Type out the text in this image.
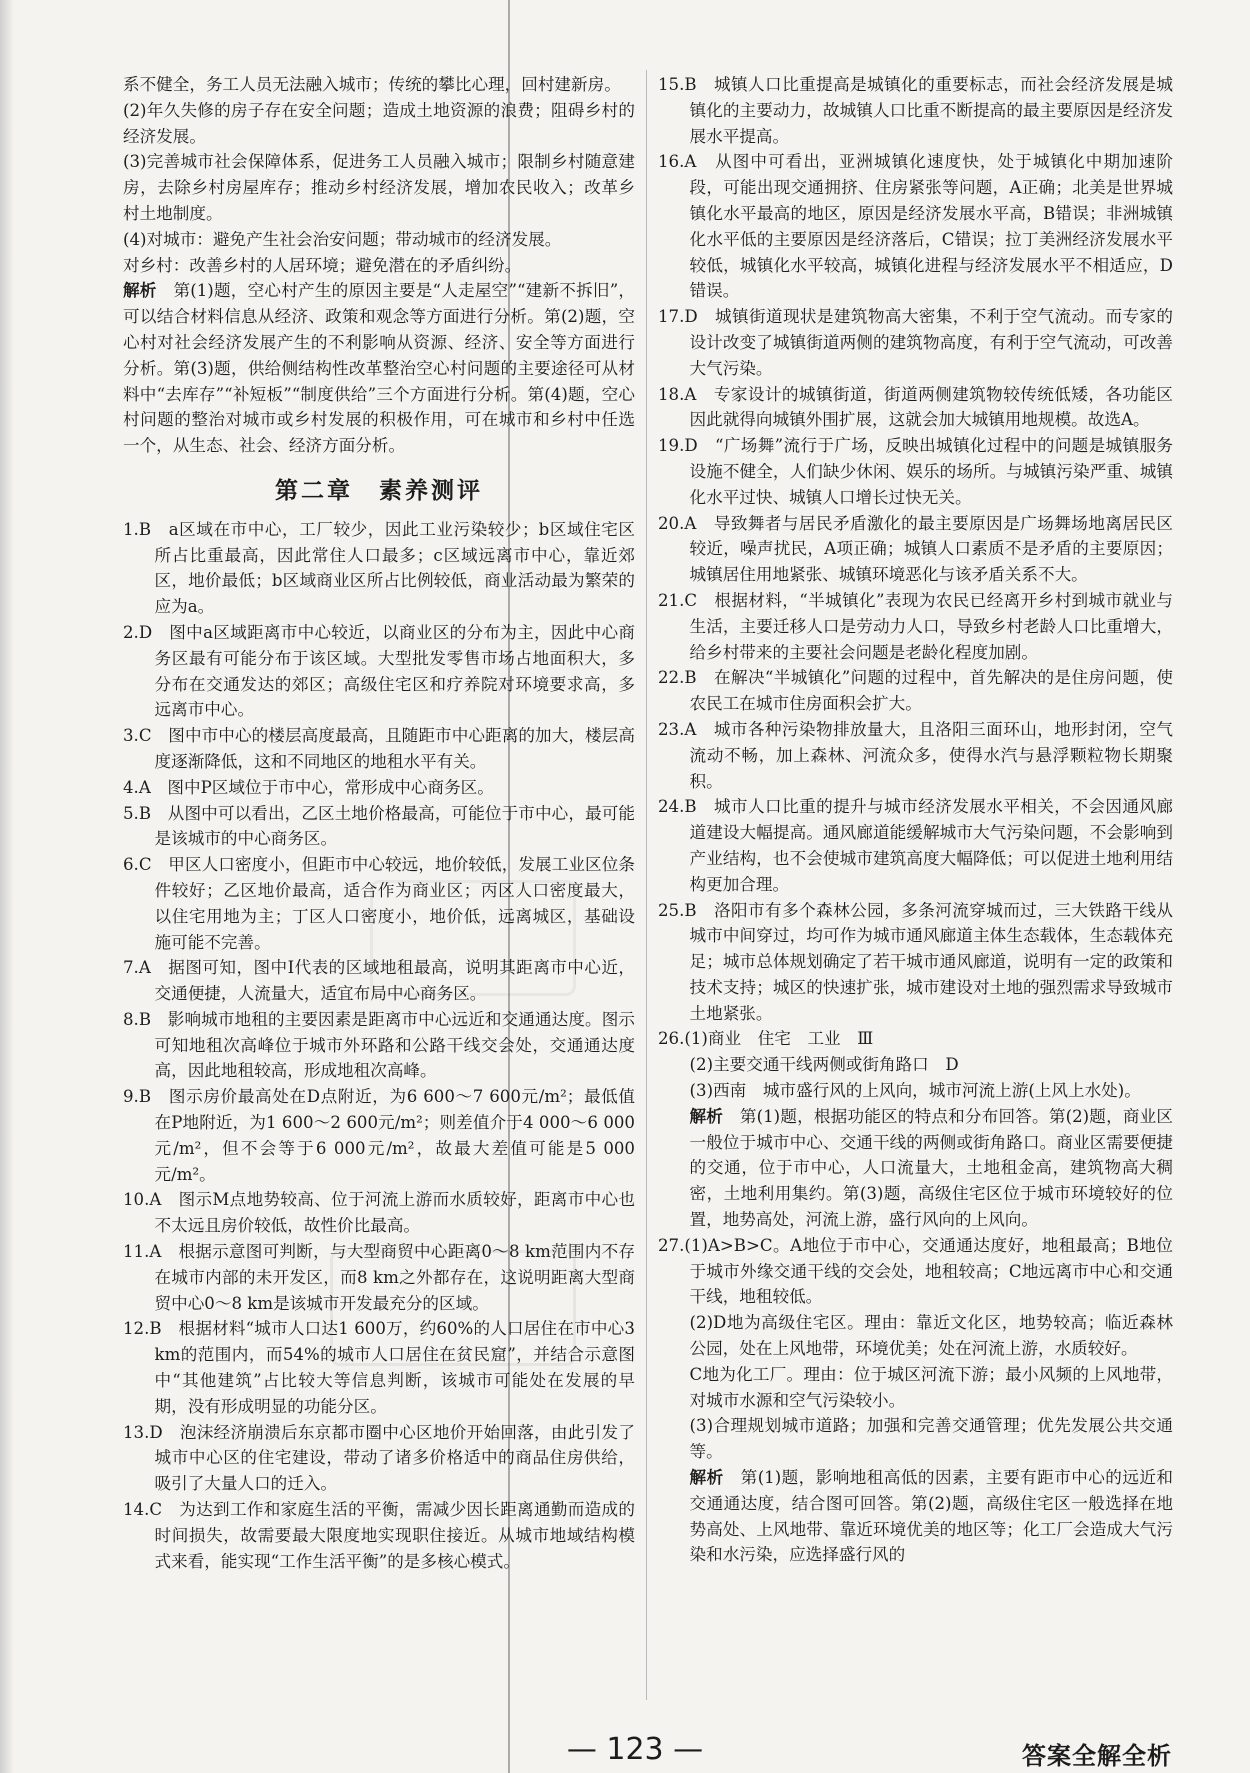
系不健全，务工人员无法融入城市；传统的攀比心理，回村建新房。

(2)年久失修的房子存在安全问题；造成土地资源的浪费；阻碍乡村的经济发展。

(3)完善城市社会保障体系，促进务工人员融入城市；限制乡村随意建房，去除乡村房屋库存；推动乡村经济发展，增加农民收入；改革乡村土地制度。

(4)对城市：避免产生社会治安问题；带动城市的经济发展。

对乡村：改善乡村的人居环境；避免潜在的矛盾纠纷。

解析　 第(1)题，空心村产生的原因主要是“人走屋空”“建新不拆旧”，可以结合材料信息从经济、政策和观念等方面进行分析。第(2)题，空心村对社会经济发展产生的不利影响从资源、经济、安全等方面进行分析。第(3)题，供给侧结构性改革整治空心村问题的主要途径可从材料中“去库存”“补短板”“制度供给”三个方面进行分析。第(4)题，空心村问题的整治对城市或乡村发展的积极作用，可在城市和乡村中任选一个，从生态、社会、经济方面分析。

第二章　素养测评

1.B　a区域在市中心，工厂较少，因此工业污染较少；b区域住宅区所占比重最高，因此常住人口最多；c区域远离市中心，靠近郊区，地价最低；b区域商业区所占比例较低，商业活动最为繁荣的应为a。

2.D　图中a区域距离市中心较近，以商业区的分布为主，因此中心商务区最有可能分布于该区域。大型批发零售市场占地面积大，多分布在交通发达的郊区；高级住宅区和疗养院对环境要求高，多远离市中心。

3.C　图中市中心的楼层高度最高，且随距市中心距离的加大，楼层高度逐渐降低，这和不同地区的地租水平有关。

4.A　图中P区域位于市中心，常形成中心商务区。

5.B　从图中可以看出，乙区土地价格最高，可能位于市中心，最可能是该城市的中心商务区。

6.C　甲区人口密度小，但距市中心较远，地价较低，发展工业区位条件较好；乙区地价最高，适合作为商业区；丙区人口密度最大，以住宅用地为主；丁区人口密度小，地价低，远离城区，基础设施可能不完善。

7.A　据图可知，图中Ⅰ代表的区域地租最高，说明其距离市中心近，交通便捷，人流量大，适宜布局中心商务区。

8.B　影响城市地租的主要因素是距离市中心远近和交通通达度。图示可知地租次高峰位于城市外环路和公路干线交会处，交通通达度高，因此地租较高，形成地租次高峰。

9.B　图示房价最高处在D点附近，为6 600～7 600元/m²；最低值在P地附近，为1 600～2 600元/m²；则差值介于4 000～6 000元/m²，但不会等于6 000元/m²，故最大差值可能是5 000元/m²。

10.A　图示M点地势较高、位于河流上游而水质较好，距离市中心也不太远且房价较低，故性价比最高。

11.A　根据示意图可判断，与大型商贸中心距离0～8 km范围内不存在城市内部的未开发区，而8 km之外都存在，这说明距离大型商贸中心0～8 km是该城市开发最充分的区域。

12.B　根据材料“城市人口达1 600万，约60%的人口居住在市中心3 km的范围内，而54%的城市人口居住在贫民窟”，并结合示意图中“其他建筑”占比较大等信息判断，该城市可能处在发展的早期，没有形成明显的功能分区。

13.D　泡沫经济崩溃后东京都市圈中心区地价开始回落，由此引发了城市中心区的住宅建设，带动了诸多价格适中的商品住房供给，吸引了大量人口的迁入。

14.C　为达到工作和家庭生活的平衡，需减少因长距离通勤而造成的时间损失，故需要最大限度地实现职住接近。从城市地域结构模式来看，能实现“工作生活平衡”的是多核心模式。

15.B　城镇人口比重提高是城镇化的重要标志，而社会经济发展是城镇化的主要动力，故城镇人口比重不断提高的最主要原因是经济发展水平提高。

16.A　从图中可看出，亚洲城镇化速度快，处于城镇化中期加速阶段，可能出现交通拥挤、住房紧张等问题，A正确；北美是世界城镇化水平最高的地区，原因是经济发展水平高，B错误；非洲城镇化水平低的主要原因是经济落后，C错误；拉丁美洲经济发展水平较低，城镇化水平较高，城镇化进程与经济发展水平不相适应，D错误。

17.D　城镇街道现状是建筑物高大密集，不利于空气流动。而专家的设计改变了城镇街道两侧的建筑物高度，有利于空气流动，可改善大气污染。

18.A　专家设计的城镇街道，街道两侧建筑物较传统低矮，各功能区因此就得向城镇外围扩展，这就会加大城镇用地规模。故选A。

19.D　“广场舞”流行于广场，反映出城镇化过程中的问题是城镇服务设施不健全，人们缺少休闲、娱乐的场所。与城镇污染严重、城镇化水平过快、城镇人口增长过快无关。

20.A　导致舞者与居民矛盾激化的最主要原因是广场舞场地离居民区较近，噪声扰民，A项正确；城镇人口素质不是矛盾的主要原因；城镇居住用地紧张、城镇环境恶化与该矛盾关系不大。

21.C　根据材料，“半城镇化”表现为农民已经离开乡村到城市就业与生活，主要迁移人口是劳动力人口，导致乡村老龄人口比重增大，给乡村带来的主要社会问题是老龄化程度加剧。

22.B　在解决“半城镇化”问题的过程中，首先解决的是住房问题，使农民工在城市住房面积会扩大。

23.A　城市各种污染物排放量大，且洛阳三面环山，地形封闭，空气流动不畅，加上森林、河流众多，使得水汽与悬浮颗粒物长期聚积。

24.B　城市人口比重的提升与城市经济发展水平相关，不会因通风廊道建设大幅提高。通风廊道能缓解城市大气污染问题，不会影响到产业结构，也不会使城市建筑高度大幅降低；可以促进土地利用结构更加合理。

25.B　洛阳市有多个森林公园，多条河流穿城而过，三大铁路干线从城市中间穿过，均可作为城市通风廊道主体生态载体，生态载体充足；城市总体规划确定了若干城市通风廊道，说明有一定的政策和技术支持；城区的快速扩张，城市建设对土地的强烈需求导致城市土地紧张。

26.(1)商业　住宅　工业　Ⅲ

(2)主要交通干线两侧或街角路口　D

(3)西南　城市盛行风的上风向，城市河流上游(上风上水处)。

解析　 第(1)题，根据功能区的特点和分布回答。第(2)题，商业区一般位于城市中心、交通干线的两侧或街角路口。商业区需要便捷的交通，位于市中心，人口流量大，土地租金高，建筑物高大稠密，土地利用集约。第(3)题，高级住宅区位于城市环境较好的位置，地势高处，河流上游，盛行风向的上风向。

27.(1)A>B>C。A地位于市中心，交通通达度好，地租最高；B地位于城市外缘交通干线的交会处，地租较高；C地远离市中心和交通干线，地租较低。

(2)D地为高级住宅区。理由：靠近文化区，地势较高；临近森林公园，处在上风地带，环境优美；处在河流上游，水质较好。

C地为化工厂。理由：位于城区河流下游；最小风频的上风地带，对城市水源和空气污染较小。

(3)合理规划城市道路；加强和完善交通管理；优先发展公共交通等。

解析　 第(1)题，影响地租高低的因素，主要有距市中心的远近和交通通达度，结合图可回答。第(2)题，高级住宅区一般选择在地势高处、上风地带、靠近环境优美的地区等；化工厂会造成大气污染和水污染，应选择盛行风的

— 123 —	答案全解全析
